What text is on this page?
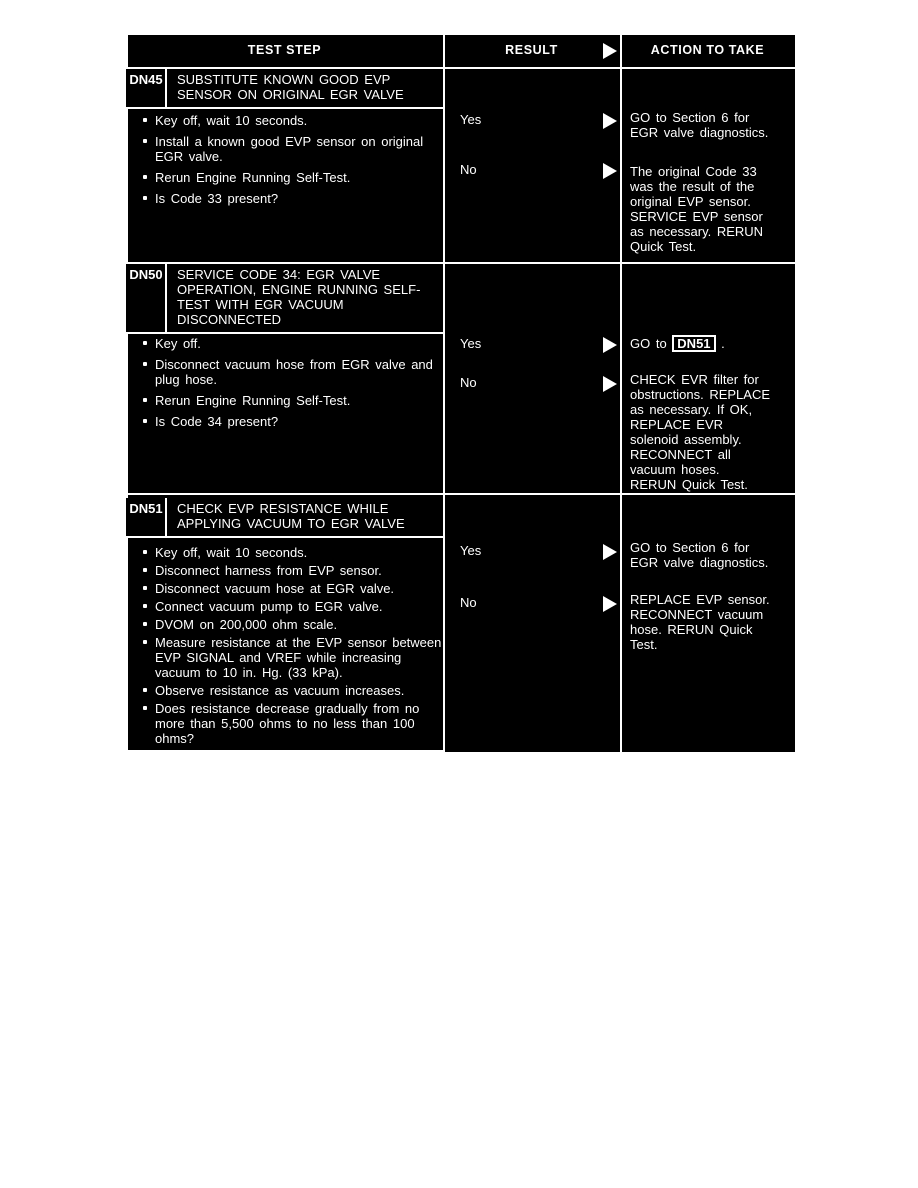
TEST STEP	RESULT	ACTION TO TAKE
DN45	SUBSTITUTE KNOWN GOOD EVP
SENSOR ON ORIGINAL EGR VALVE
Key off, wait 10 seconds.
Install a known good EVP sensor on original EGR valve.
Rerun Engine Running Self-Test.
Is Code 33 present?
Yes	GO to Section 6 for EGR valve diagnostics.
No	The original Code 33 was the result of the original EVP sensor. SERVICE EVP sensor as necessary. RERUN Quick Test.
DN50	SERVICE CODE 34: EGR VALVE
OPERATION, ENGINE RUNNING SELF-
TEST WITH EGR VACUUM
DISCONNECTED
Key off.
Disconnect vacuum hose from EGR valve and plug hose.
Rerun Engine Running Self-Test.
Is Code 34 present?
Yes	GO to DN51 .
No	CHECK EVR filter for obstructions. REPLACE as necessary. If OK, REPLACE EVR solenoid assembly. RECONNECT all vacuum hoses. RERUN Quick Test.
DN51	CHECK EVP RESISTANCE WHILE
APPLYING VACUUM TO EGR VALVE
Key off, wait 10 seconds.
Disconnect harness from EVP sensor.
Disconnect vacuum hose at EGR valve.
Connect vacuum pump to EGR valve.
DVOM on 200,000 ohm scale.
Measure resistance at the EVP sensor between EVP SIGNAL and VREF while increasing vacuum to 10 in. Hg. (33 kPa).
Observe resistance as vacuum increases.
Does resistance decrease gradually from no more than 5,500 ohms to no less than 100 ohms?
Yes	GO to Section 6 for EGR valve diagnostics.
No	REPLACE EVP sensor. RECONNECT vacuum hose. RERUN Quick Test.
